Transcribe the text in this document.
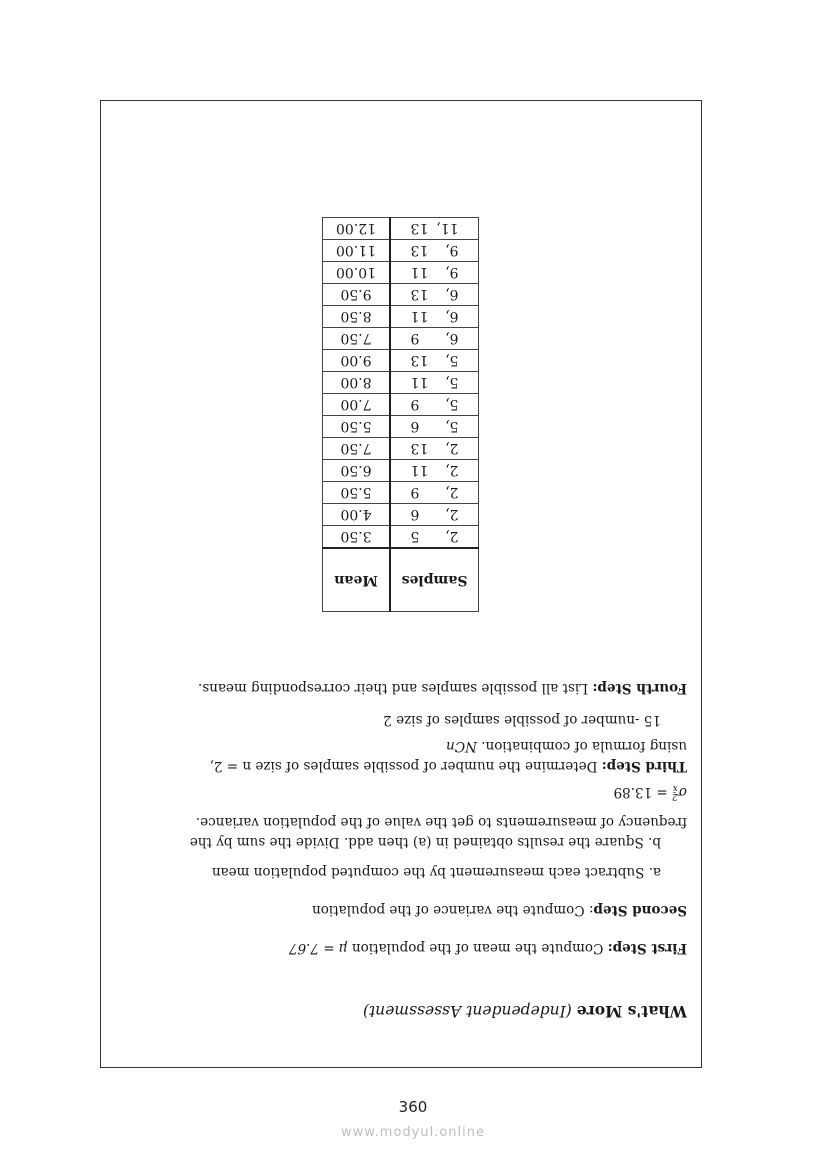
What's More (Independent Assessment)
First Step: Compute the mean of the population μ = 7.67
Second Step: Compute the variance of the population
a. Subtract each measurement by the computed population mean
b. Square the results obtained in (a) then add. Divide the sum by the
frequency of measurements to get the value of the population variance.
σ2
x̄ = 13.89
Third Step: Determine the number of possible samples of size n = 2,
using formula of combination. NCn
15 -number of possible samples of size 2
Fourth Step: List all possible samples and their corresponding means.
Samples	Mean
2,5	3.50
2,6	4.00
2,9	5.50
2,11	6.50
2,13	7.50
5,6	5.50
5,9	7.00
5,11	8.00
5,13	9.00
6,9	7.50
6,11	8.50
6,13	9.50
9,11	10.00
9,13	11.00
11,13	12.00
360
www.modyul.online
